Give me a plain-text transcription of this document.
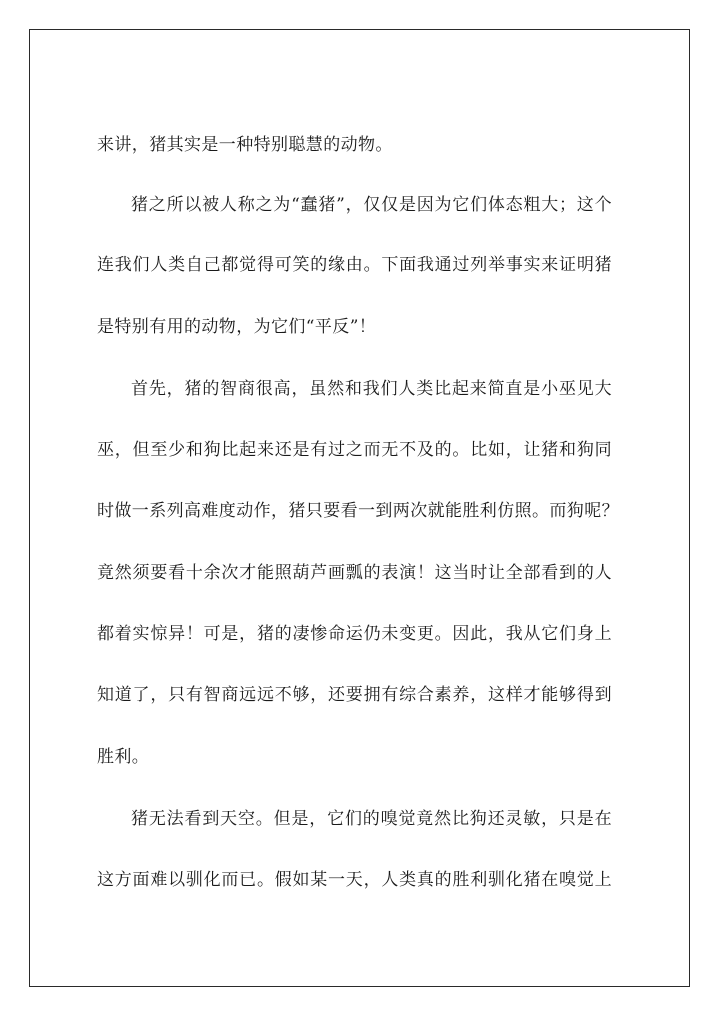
来讲，猪其实是一种特别聪慧的动物。
猪之所以被人称之为“蠢猪”，仅仅是因为它们体态粗大；这个
连我们人类自己都觉得可笑的缘由。下面我通过列举事实来证明猪
是特别有用的动物，为它们“平反”！
首先，猪的智商很高，虽然和我们人类比起来简直是小巫见大
巫，但至少和狗比起来还是有过之而无不及的。比如，让猪和狗同
时做一系列高难度动作，猪只要看一到两次就能胜利仿照。而狗呢？
竟然须要看十余次才能照葫芦画瓢的表演！这当时让全部看到的人
都着实惊异！可是，猪的凄惨命运仍未变更。因此，我从它们身上
知道了，只有智商远远不够，还要拥有综合素养，这样才能够得到
胜利。
猪无法看到天空。但是，它们的嗅觉竟然比狗还灵敏，只是在
这方面难以驯化而已。假如某一天，人类真的胜利驯化猪在嗅觉上
